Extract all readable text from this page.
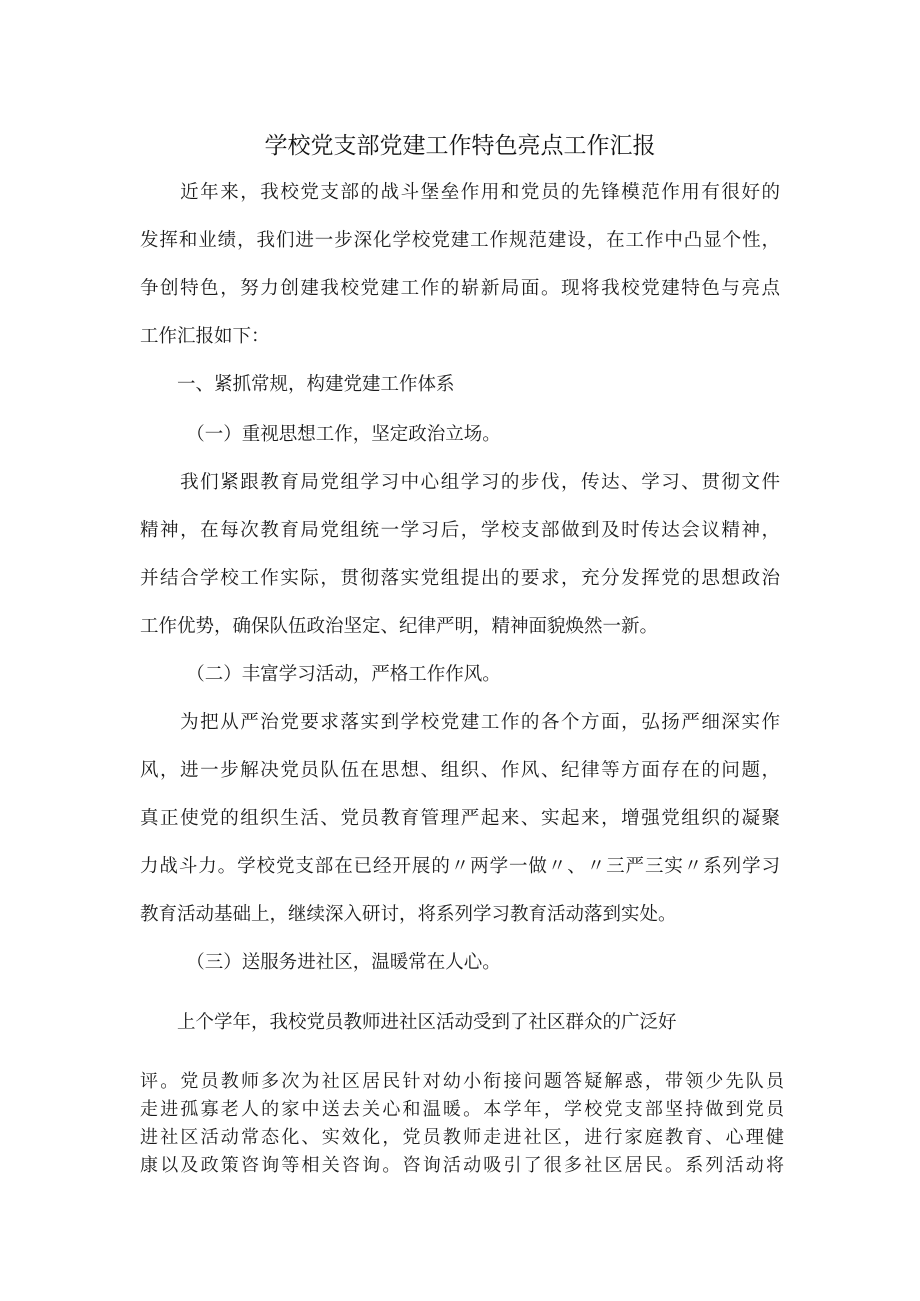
学校党支部党建工作特色亮点工作汇报
　　近年来，我校党支部的战斗堡垒作用和党员的先锋模范作用有很好的
发挥和业绩，我们进一步深化学校党建工作规范建设，在工作中凸显个性，
争创特色，努力创建我校党建工作的崭新局面。现将我校党建特色与亮点
工作汇报如下：
　　一、紧抓常规，构建党建工作体系
　　　（一）重视思想工作，坚定政治立场。
　　我们紧跟教育局党组学习中心组学习的步伐，传达、学习、贯彻文件
精神，在每次教育局党组统一学习后，学校支部做到及时传达会议精神，
并结合学校工作实际，贯彻落实党组提出的要求，充分发挥党的思想政治
工作优势，确保队伍政治坚定、纪律严明，精神面貌焕然一新。
　　　（二）丰富学习活动，严格工作作风。
　　为把从严治党要求落实到学校党建工作的各个方面，弘扬严细深实作
风，进一步解决党员队伍在思想、组织、作风、纪律等方面存在的问题，
真正使党的组织生活、党员教育管理严起来、实起来，增强党组织的凝聚
力战斗力。学校党支部在已经开展的〃两学一做〃、〃三严三实〃系列学习
教育活动基础上，继续深入研讨，将系列学习教育活动落到实处。
　　　（三）送服务进社区，温暖常在人心。
　　上个学年，我校党员教师进社区活动受到了社区群众的广泛好
评。党员教师多次为社区居民针对幼小衔接问题答疑解惑，带领少先队员
走进孤寡老人的家中送去关心和温暖。本学年，学校党支部坚持做到党员
进社区活动常态化、实效化，党员教师走进社区，进行家庭教育、心理健
康以及政策咨询等相关咨询。咨询活动吸引了很多社区居民。系列活动将
